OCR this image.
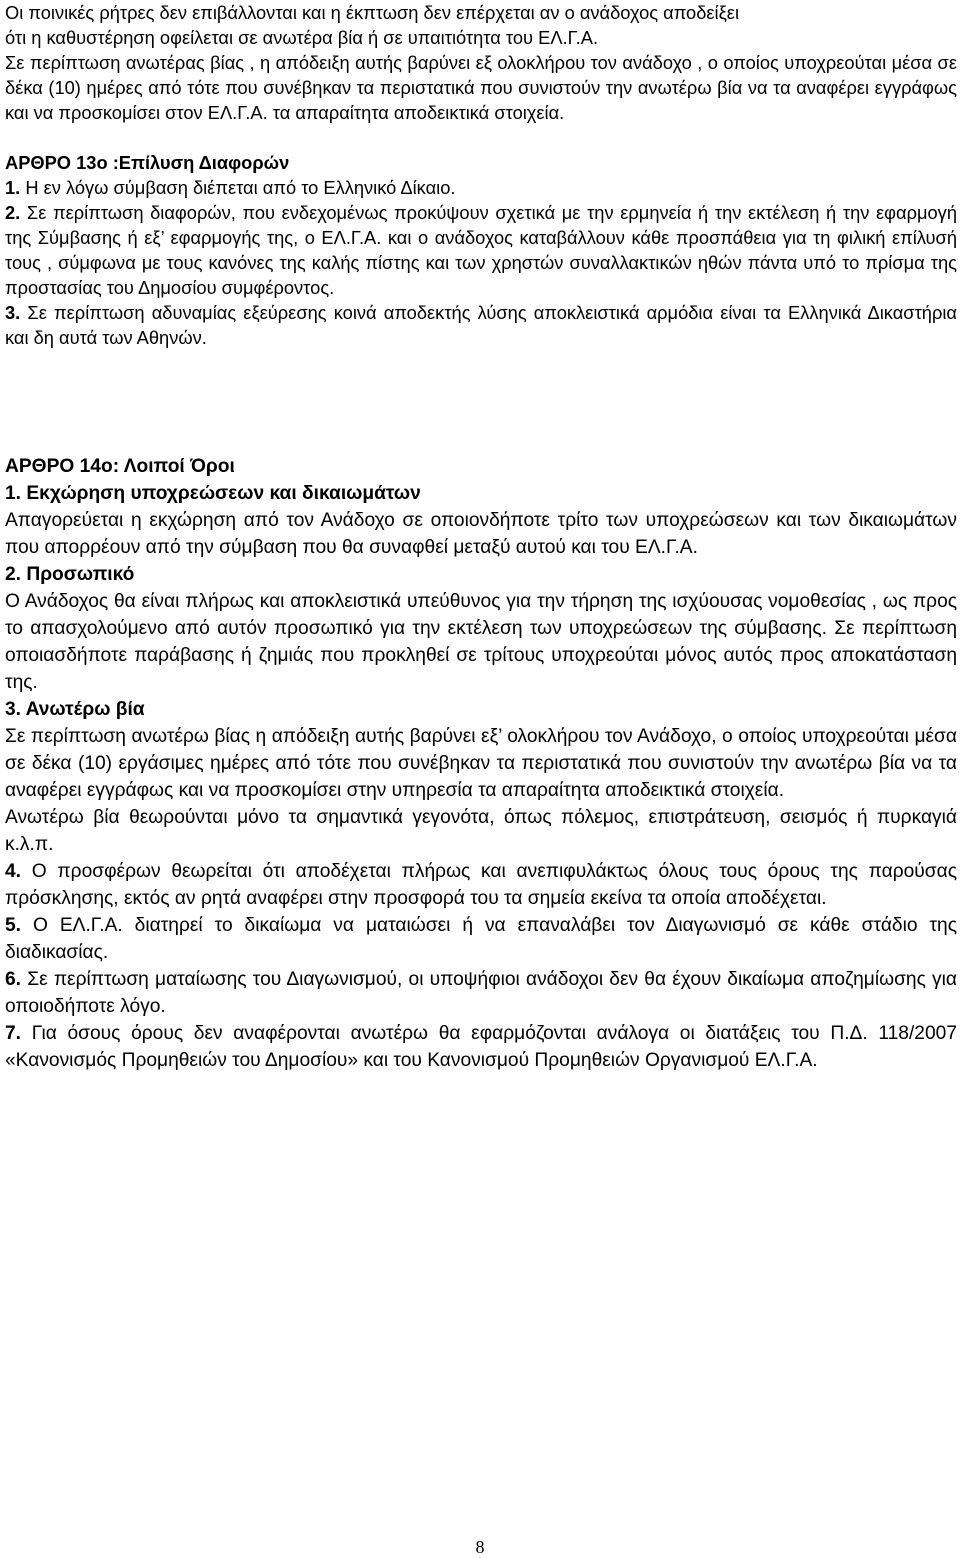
Οι ποινικές ρήτρες δεν επιβάλλονται και η έκπτωση δεν επέρχεται αν ο ανάδοχος αποδείξει

ότι η καθυστέρηση οφείλεται σε ανωτέρα βία ή σε υπαιτιότητα του ΕΛ.Γ.Α.

Σε περίπτωση ανωτέρας βίας , η απόδειξη αυτής βαρύνει εξ ολοκλήρου τον ανάδοχο , ο οποίος υποχρεούται μέσα σε δέκα (10) ημέρες από τότε που συνέβηκαν τα περιστατικά που συνιστούν την ανωτέρω βία να τα αναφέρει εγγράφως και να προσκομίσει στον ΕΛ.Γ.Α. τα απαραίτητα αποδεικτικά στοιχεία.

ΑΡΘΡΟ 13ο :Επίλυση Διαφορών

1. Η εν λόγω σύμβαση διέπεται από το Ελληνικό Δίκαιο.

2. Σε περίπτωση διαφορών, που ενδεχομένως προκύψουν σχετικά με την ερμηνεία ή την εκτέλεση ή την εφαρμογή της Σύμβασης ή εξ’ εφαρμογής της, ο ΕΛ.Γ.Α. και ο ανάδοχος καταβάλλουν κάθε προσπάθεια για τη φιλική επίλυσή τους , σύμφωνα με τους κανόνες της καλής πίστης και των χρηστών συναλλακτικών ηθών πάντα υπό το πρίσμα της προστασίας του Δημοσίου συμφέροντος.

3. Σε περίπτωση αδυναμίας εξεύρεσης κοινά αποδεκτής λύσης αποκλειστικά αρμόδια είναι τα Ελληνικά Δικαστήρια και δη αυτά των Αθηνών.

ΑΡΘΡΟ 14ο: Λοιποί Όροι

1. Εκχώρηση υποχρεώσεων και δικαιωμάτων

Απαγορεύεται η εκχώρηση από τον Ανάδοχο σε οποιονδήποτε τρίτο των υποχρεώσεων και των δικαιωμάτων που απορρέουν από την σύμβαση που θα συναφθεί μεταξύ αυτού και του ΕΛ.Γ.Α.

2. Προσωπικό

Ο Ανάδοχος θα είναι πλήρως και αποκλειστικά υπεύθυνος για την τήρηση της ισχύουσας νομοθεσίας , ως προς το απασχολούμενο από αυτόν προσωπικό για την εκτέλεση των υποχρεώσεων της σύμβασης. Σε περίπτωση οποιασδήποτε παράβασης ή ζημιάς που προκληθεί σε τρίτους υποχρεούται μόνος αυτός προς αποκατάσταση της.

3. Ανωτέρω βία

Σε περίπτωση ανωτέρω βίας η απόδειξη αυτής βαρύνει εξ’ ολοκλήρου τον Ανάδοχο, ο οποίος υποχρεούται μέσα σε δέκα (10) εργάσιμες ημέρες από τότε που συνέβηκαν τα περιστατικά που συνιστούν την ανωτέρω βία να τα αναφέρει εγγράφως και να προσκομίσει στην υπηρεσία τα απαραίτητα αποδεικτικά στοιχεία.

Ανωτέρω βία θεωρούνται μόνο τα σημαντικά γεγονότα, όπως πόλεμος, επιστράτευση, σεισμός ή πυρκαγιά κ.λ.π.

4. Ο προσφέρων θεωρείται ότι αποδέχεται πλήρως και ανεπιφυλάκτως όλους τους όρους της παρούσας πρόσκλησης, εκτός αν ρητά αναφέρει στην προσφορά του τα σημεία εκείνα τα οποία αποδέχεται.

5. Ο ΕΛ.Γ.Α. διατηρεί το δικαίωμα να ματαιώσει ή να επαναλάβει τον Διαγωνισμό σε κάθε στάδιο της διαδικασίας.

6. Σε περίπτωση ματαίωσης του Διαγωνισμού, οι υποψήφιοι ανάδοχοι δεν θα έχουν δικαίωμα αποζημίωσης για οποιοδήποτε λόγο.

7. Για όσους όρους δεν αναφέρονται ανωτέρω θα εφαρμόζονται ανάλογα οι διατάξεις του Π.Δ. 118/2007 «Κανονισμός Προμηθειών του Δημοσίου» και του Κανονισμού Προμηθειών Οργανισμού ΕΛ.Γ.Α.

8
